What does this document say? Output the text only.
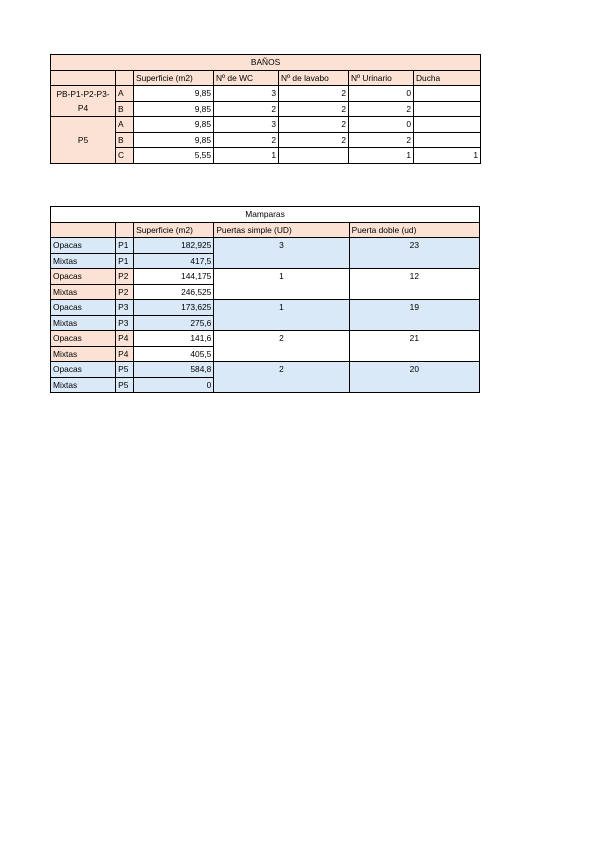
BAÑOS						
		Superficie (m2)	Nº de WC	Nº de lavabo	Nº Urinario	Ducha

PB-P1-P2-P3-
P4	A	9,85	3	2	0	
	B	9,85	2	2	2	
P5	A	9,85	3	2	0	
	B	9,85	2	2	2	
	C	5,55	1		1	1
Mamparas				
		Superficie (m2)	Puertas simple (UD)	Puerta doble (ud)
Opacas	P1	182,925	3	23
Mixtas	P1	417,5		
Opacas	P2	144,175	1	12
Mixtas	P2	246,525		
Opacas	P3	173,625	1	19
Mixtas	P3	275,6		
Opacas	P4	141,6	2	21
Mixtas	P4	405,5		
Opacas	P5	584,8	2	20
Mixtas	P5	0		
